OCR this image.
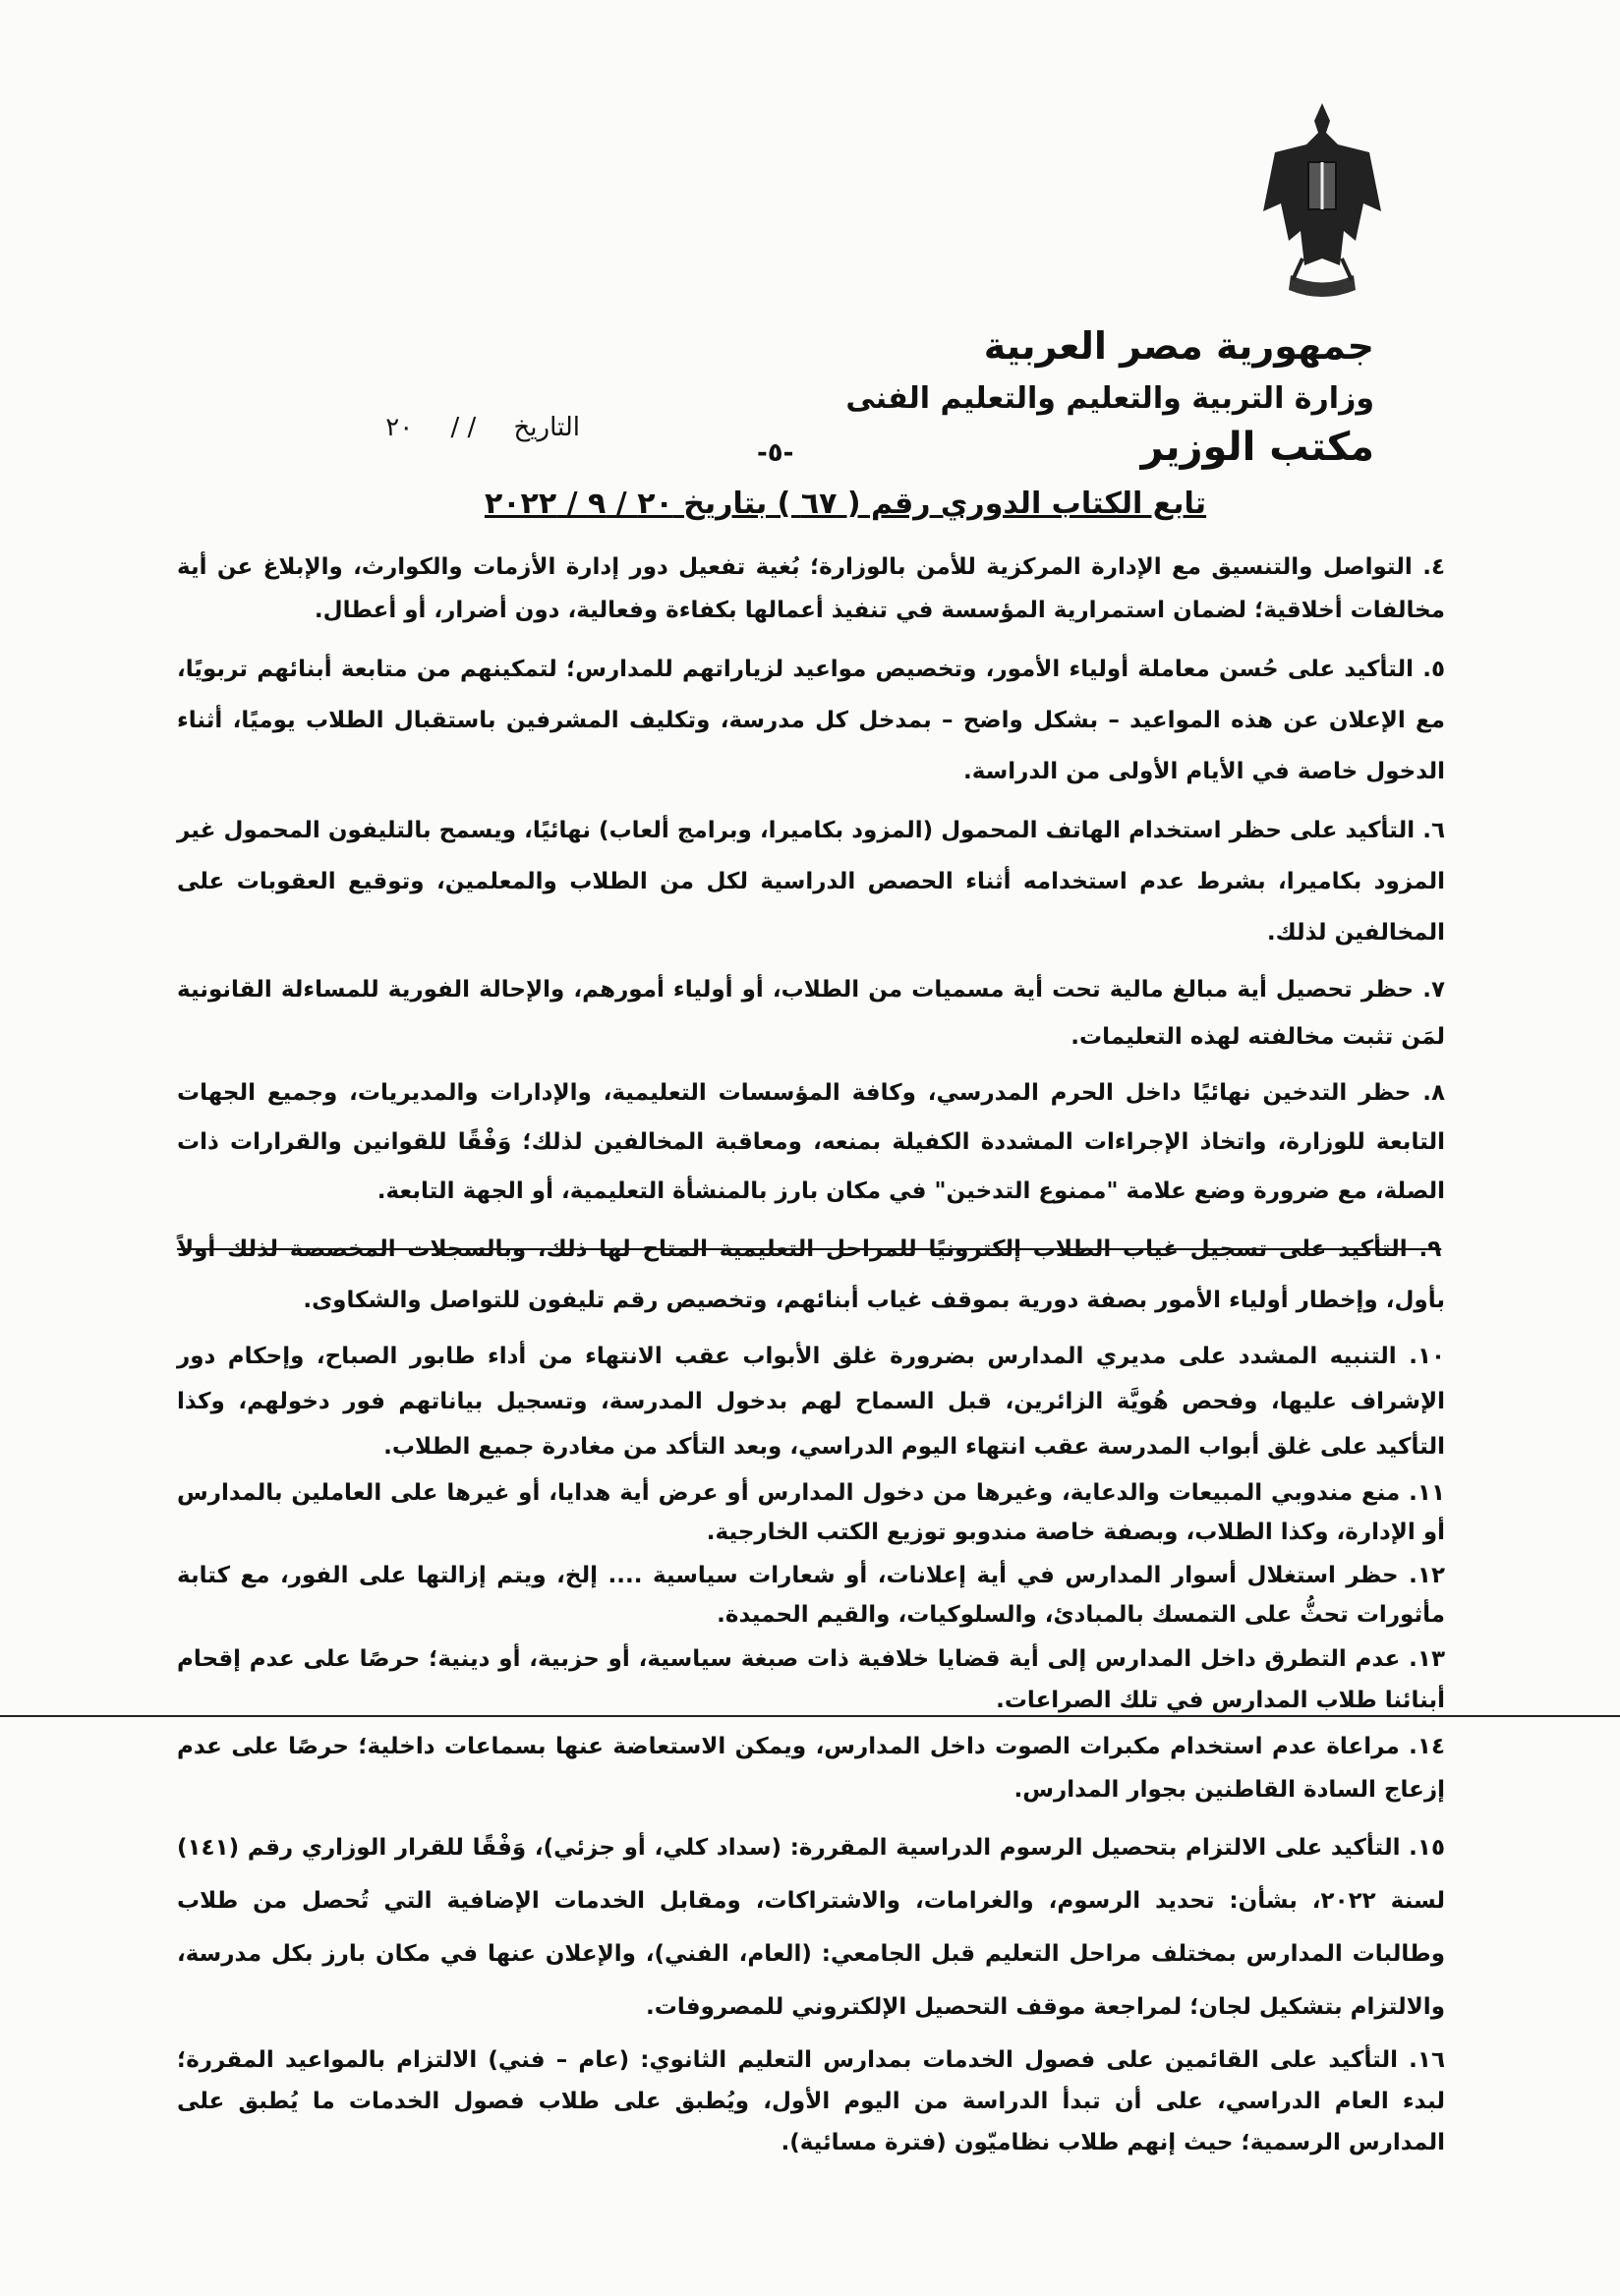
جمهورية مصر العربية
وزارة التربية والتعليم والتعليم الفنى
مكتب الوزير
التاريخ / / ٢٠
-٥-
تابع الكتاب الدوري رقم ( ٦٧ ) بتاريخ ٢٠ / ٩ / ٢٠٢٢
٤. التواصل والتنسيق مع الإدارة المركزية للأمن بالوزارة؛ بُغية تفعيل دور إدارة الأزمات والكوارث، والإبلاغ عن أية مخالفات أخلاقية؛ لضمان استمرارية المؤسسة في تنفيذ أعمالها بكفاءة وفعالية، دون أضرار، أو أعطال.
٥. التأكيد على حُسن معاملة أولياء الأمور، وتخصيص مواعيد لزياراتهم للمدارس؛ لتمكينهم من متابعة أبنائهم تربويًا، مع الإعلان عن هذه المواعيد – بشكل واضح – بمدخل كل مدرسة، وتكليف المشرفين باستقبال الطلاب يوميًا، أثناء الدخول خاصة في الأيام الأولى من الدراسة.
٦. التأكيد على حظر استخدام الهاتف المحمول (المزود بكاميرا، وبرامج ألعاب) نهائيًا، ويسمح بالتليفون المحمول غير المزود بكاميرا، بشرط عدم استخدامه أثناء الحصص الدراسية لكل من الطلاب والمعلمين، وتوقيع العقوبات على المخالفين لذلك.
٧. حظر تحصيل أية مبالغ مالية تحت أية مسميات من الطلاب، أو أولياء أمورهم، والإحالة الفورية للمساءلة القانونية لمَن تثبت مخالفته لهذه التعليمات.
٨. حظر التدخين نهائيًا داخل الحرم المدرسي، وكافة المؤسسات التعليمية، والإدارات والمديريات، وجميع الجهات التابعة للوزارة، واتخاذ الإجراءات المشددة الكفيلة بمنعه، ومعاقبة المخالفين لذلك؛ وَفْقًا للقوانين والقرارات ذات الصلة، مع ضرورة وضع علامة "ممنوع التدخين" في مكان بارز بالمنشأة التعليمية، أو الجهة التابعة.
٩. التأكيد على تسجيل غياب الطلاب إلكترونيًا للمراحل التعليمية المتاح لها ذلك، وبالسجلات المخصصة لذلك أولاً بأول، وإخطار أولياء الأمور بصفة دورية بموقف غياب أبنائهم، وتخصيص رقم تليفون للتواصل والشكاوى.
١٠. التنبيه المشدد على مديري المدارس بضرورة غلق الأبواب عقب الانتهاء من أداء طابور الصباح، وإحكام دور الإشراف عليها، وفحص هُويَّة الزائرين، قبل السماح لهم بدخول المدرسة، وتسجيل بياناتهم فور دخولهم، وكذا التأكيد على غلق أبواب المدرسة عقب انتهاء اليوم الدراسي، وبعد التأكد من مغادرة جميع الطلاب.
١١. منع مندوبي المبيعات والدعاية، وغيرها من دخول المدارس أو عرض أية هدايا، أو غيرها على العاملين بالمدارس أو الإدارة، وكذا الطلاب، وبصفة خاصة مندوبو توزيع الكتب الخارجية.
١٢. حظر استغلال أسوار المدارس في أية إعلانات، أو شعارات سياسية .... إلخ، ويتم إزالتها على الفور، مع كتابة مأثورات تحثُّ على التمسك بالمبادئ، والسلوكيات، والقيم الحميدة.
١٣. عدم التطرق داخل المدارس إلى أية قضايا خلافية ذات صبغة سياسية، أو حزبية، أو دينية؛ حرصًا على عدم إقحام أبنائنا طلاب المدارس في تلك الصراعات.
١٤. مراعاة عدم استخدام مكبرات الصوت داخل المدارس، ويمكن الاستعاضة عنها بسماعات داخلية؛ حرصًا على عدم إزعاج السادة القاطنين بجوار المدارس.
١٥. التأكيد على الالتزام بتحصيل الرسوم الدراسية المقررة: (سداد كلي، أو جزئي)، وَفْقًا للقرار الوزاري رقم (١٤١) لسنة ٢٠٢٢، بشأن: تحديد الرسوم، والغرامات، والاشتراكات، ومقابل الخدمات الإضافية التي تُحصل من طلاب وطالبات المدارس بمختلف مراحل التعليم قبل الجامعي: (العام، الفني)، والإعلان عنها في مكان بارز بكل مدرسة، والالتزام بتشكيل لجان؛ لمراجعة موقف التحصيل الإلكتروني للمصروفات.
١٦. التأكيد على القائمين على فصول الخدمات بمدارس التعليم الثانوي: (عام – فني) الالتزام بالمواعيد المقررة؛ لبدء العام الدراسي، على أن تبدأ الدراسة من اليوم الأول، ويُطبق على طلاب فصول الخدمات ما يُطبق على المدارس الرسمية؛ حيث إنهم طلاب نظاميّون (فترة مسائية).
